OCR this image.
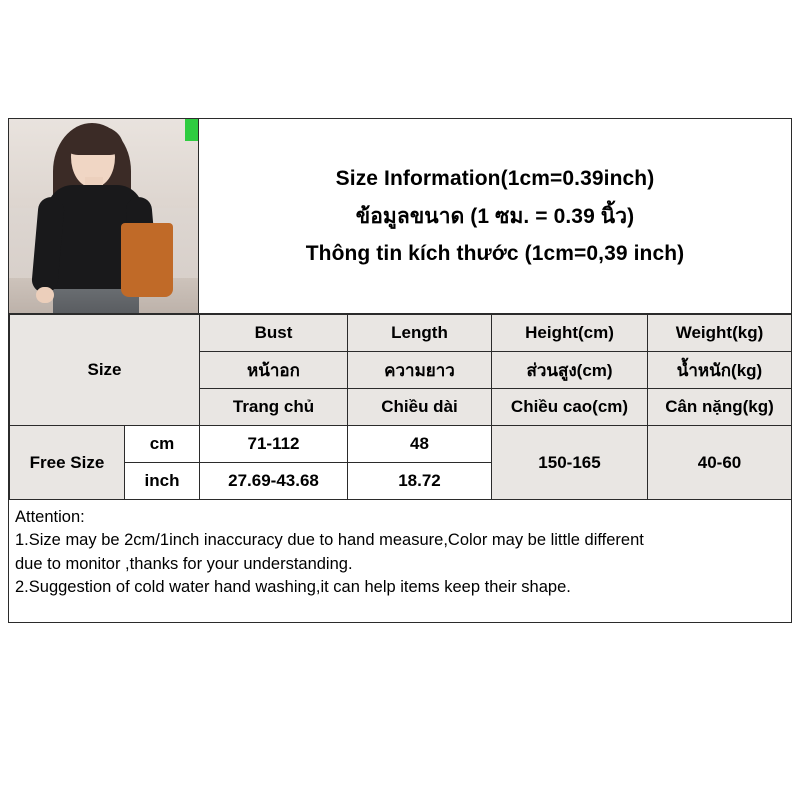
Size Information(1cm=0.39inch)
ข้อมูลขนาด (1 ซม. = 0.39 นิ้ว)
Thông tin kích thước (1cm=0,39 inch)
Size		Bust	Length	Height(cm)	Weight(kg)
		หน้าอก	ความยาว	ส่วนสูง(cm)	น้ำหนัก(kg)
		Trang chủ	Chiều dài	Chiều cao(cm)	Cân nặng(kg)
Free Size	cm	71-112	48	150-165	40-60
	inch	27.69-43.68	18.72		
Attention:
1.Size may be 2cm/1inch inaccuracy due to hand measure,Color may be little different
due to monitor ,thanks for your understanding.
2.Suggestion of cold water hand washing,it can help items keep their shape.
